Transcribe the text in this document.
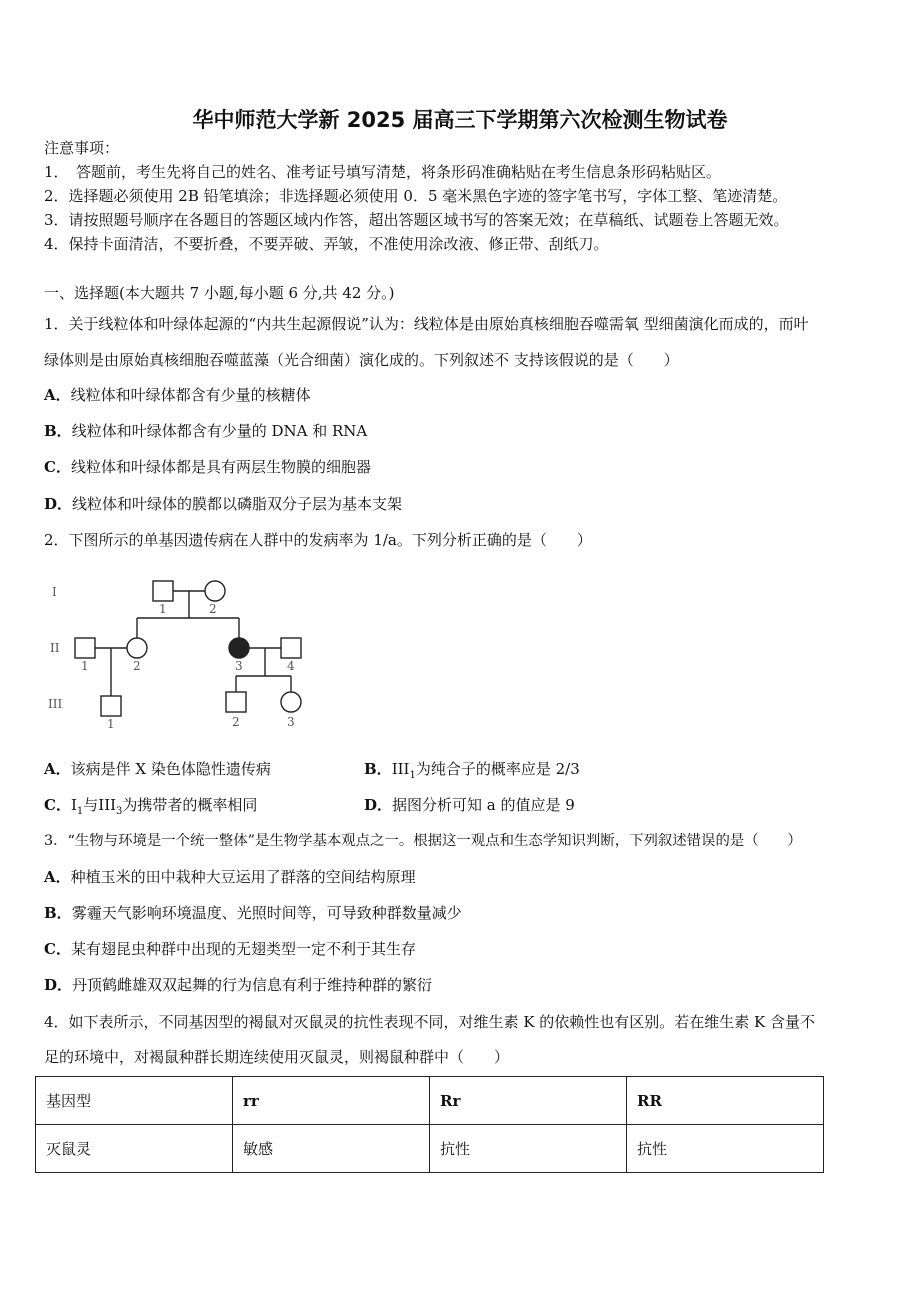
华中师范大学新 2025 届高三下学期第六次检测生物试卷
注意事项：
1．　答题前，考生先将自己的姓名、准考证号填写清楚，将条形码准确粘贴在考生信息条形码粘贴区。
2．选择题必须使用 2B 铅笔填涂；非选择题必须使用 0．5 毫米黑色字迹的签字笔书写，字体工整、笔迹清楚。
3．请按照题号顺序在各题目的答题区域内作答，超出答题区域书写的答案无效；在草稿纸、试题卷上答题无效。
4．保持卡面清洁，不要折叠，不要弄破、弄皱，不准使用涂改液、修正带、刮纸刀。
一、选择题(本大题共 7 小题,每小题 6 分,共 42 分。)
1．关于线粒体和叶绿体起源的“内共生起源假说”认为：线粒体是由原始真核细胞吞噬需氧 型细菌演化而成的，而叶
绿体则是由原始真核细胞吞噬蓝藻（光合细菌）演化成的。下列叙述不 支持该假说的是（　　）
A．线粒体和叶绿体都含有少量的核糖体
B．线粒体和叶绿体都含有少量的 DNA 和 RNA
C．线粒体和叶绿体都是具有两层生物膜的细胞器
D．线粒体和叶绿体的膜都以磷脂双分子层为基本支架
2．下图所示的单基因遗传病在人群中的发病率为 1/a。下列分析正确的是（　　）
I
II
III
1	2
1	2	3	4
1	2	3
A．该病是伴 X 染色体隐性遗传病	B．$III_1$为纯合子的概率应是 2/3
C．$I_1$与$III_3$为携带者的概率相同	D．据图分析可知 a 的值应是 9
3．“生物与环境是一个统一整体”是生物学基本观点之一。根据这一观点和生态学知识判断，下列叙述错误的是（　　）
A．种植玉米的田中栽种大豆运用了群落的空间结构原理
B．雾霾天气影响环境温度、光照时间等，可导致种群数量减少
C．某有翅昆虫种群中出现的无翅类型一定不利于其生存
D．丹顶鹤雌雄双双起舞的行为信息有利于维持种群的繁衍
4．如下表所示，不同基因型的褐鼠对灭鼠灵的抗性表现不同，对维生素 K 的依赖性也有区别。若在维生素 K 含量不
足的环境中，对褐鼠种群长期连续使用灭鼠灵，则褐鼠种群中（　　）
基因型	rr	Rr	RR
灭鼠灵	敏感	抗性	抗性
